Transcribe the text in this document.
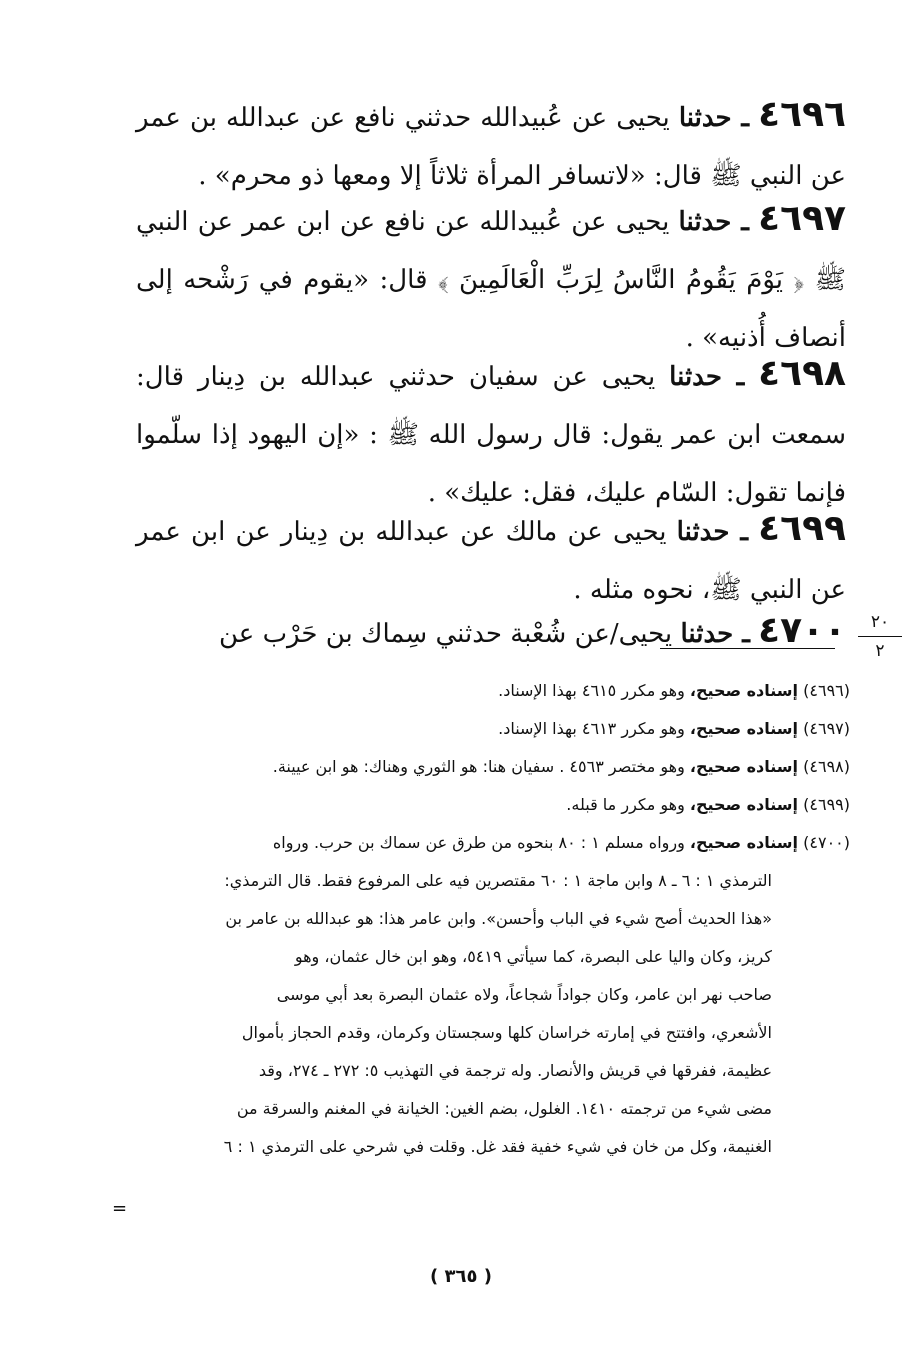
٤٦٩٦ ـ حدثنا يحيى عن عُبيدالله حدثني نافع عن عبدالله بن عمر عن النبي ﷺ قال: «لاتسافر المرأة ثلاثاً إلا ومعها ذو محرم» .
٤٦٩٧ ـ حدثنا يحيى عن عُبيدالله عن نافع عن ابن عمر عن النبي ﷺ ﴿ يَوْمَ يَقُومُ النَّاسُ لِرَبِّ الْعَالَمِينَ ﴾ قال: «يقوم في رَشْحه إلى أنصاف أُذنيه» .
٤٦٩٨ ـ حدثنا يحيى عن سفيان حدثني عبدالله بن دِينار قال: سمعت ابن عمر يقول: قال رسول الله ﷺ : «إن اليهود إذا سلّموا فإنما تقول: السّام عليك، فقل: عليك» .
٤٦٩٩ ـ حدثنا يحيى عن مالك عن عبدالله بن دِينار عن ابن عمر عن النبي ﷺ، نحوه مثله .
٤٧٠٠ ـ حدثنا يحيى/عن شُعْبة حدثني سِماك بن حَرْب عن	٢٠
٢
(٤٦٩٦) إسناده صحيح، وهو مكرر ٤٦١٥ بهذا الإسناد.
(٤٦٩٧) إسناده صحيح، وهو مكرر ٤٦١٣ بهذا الإسناد.
(٤٦٩٨) إسناده صحيح، وهو مختصر ٤٥٦٣ . سفيان هنا: هو الثوري وهناك: هو ابن عيينة.
(٤٦٩٩) إسناده صحيح، وهو مكرر ما قبله.
(٤٧٠٠) إسناده صحيح، ورواه مسلم ١ : ٨٠ بنحوه من طرق عن سماك بن حرب. ورواه
الترمذي ١ : ٦ ـ ٨ وابن ماجة ١ : ٦٠ مقتصرين فيه على المرفوع فقط. قال الترمذي:
«هذا الحديث أصح شيء في الباب وأحسن». وابن عامر هذا: هو عبدالله بن عامر بن
كريز، وكان واليا على البصرة، كما سيأتي ٥٤١٩، وهو ابن خال عثمان، وهو
صاحب نهر ابن عامر، وكان جواداً شجاعاً، ولاه عثمان البصرة بعد أبي موسى
الأشعري، وافتتح في إمارته خراسان كلها وسجستان وكرمان، وقدم الحجاز بأموال
عظيمة، ففرقها في قريش والأنصار. وله ترجمة في التهذيب ٥: ٢٧٢ ـ ٢٧٤، وقد
مضى شيء من ترجمته ١٤١٠. الغلول، بضم الغين: الخيانة في المغنم والسرقة من
الغنيمة، وكل من خان في شيء خفية فقد غل. وقلت في شرحي على الترمذي ١ : ٦
=
( ٣٦٥ )
